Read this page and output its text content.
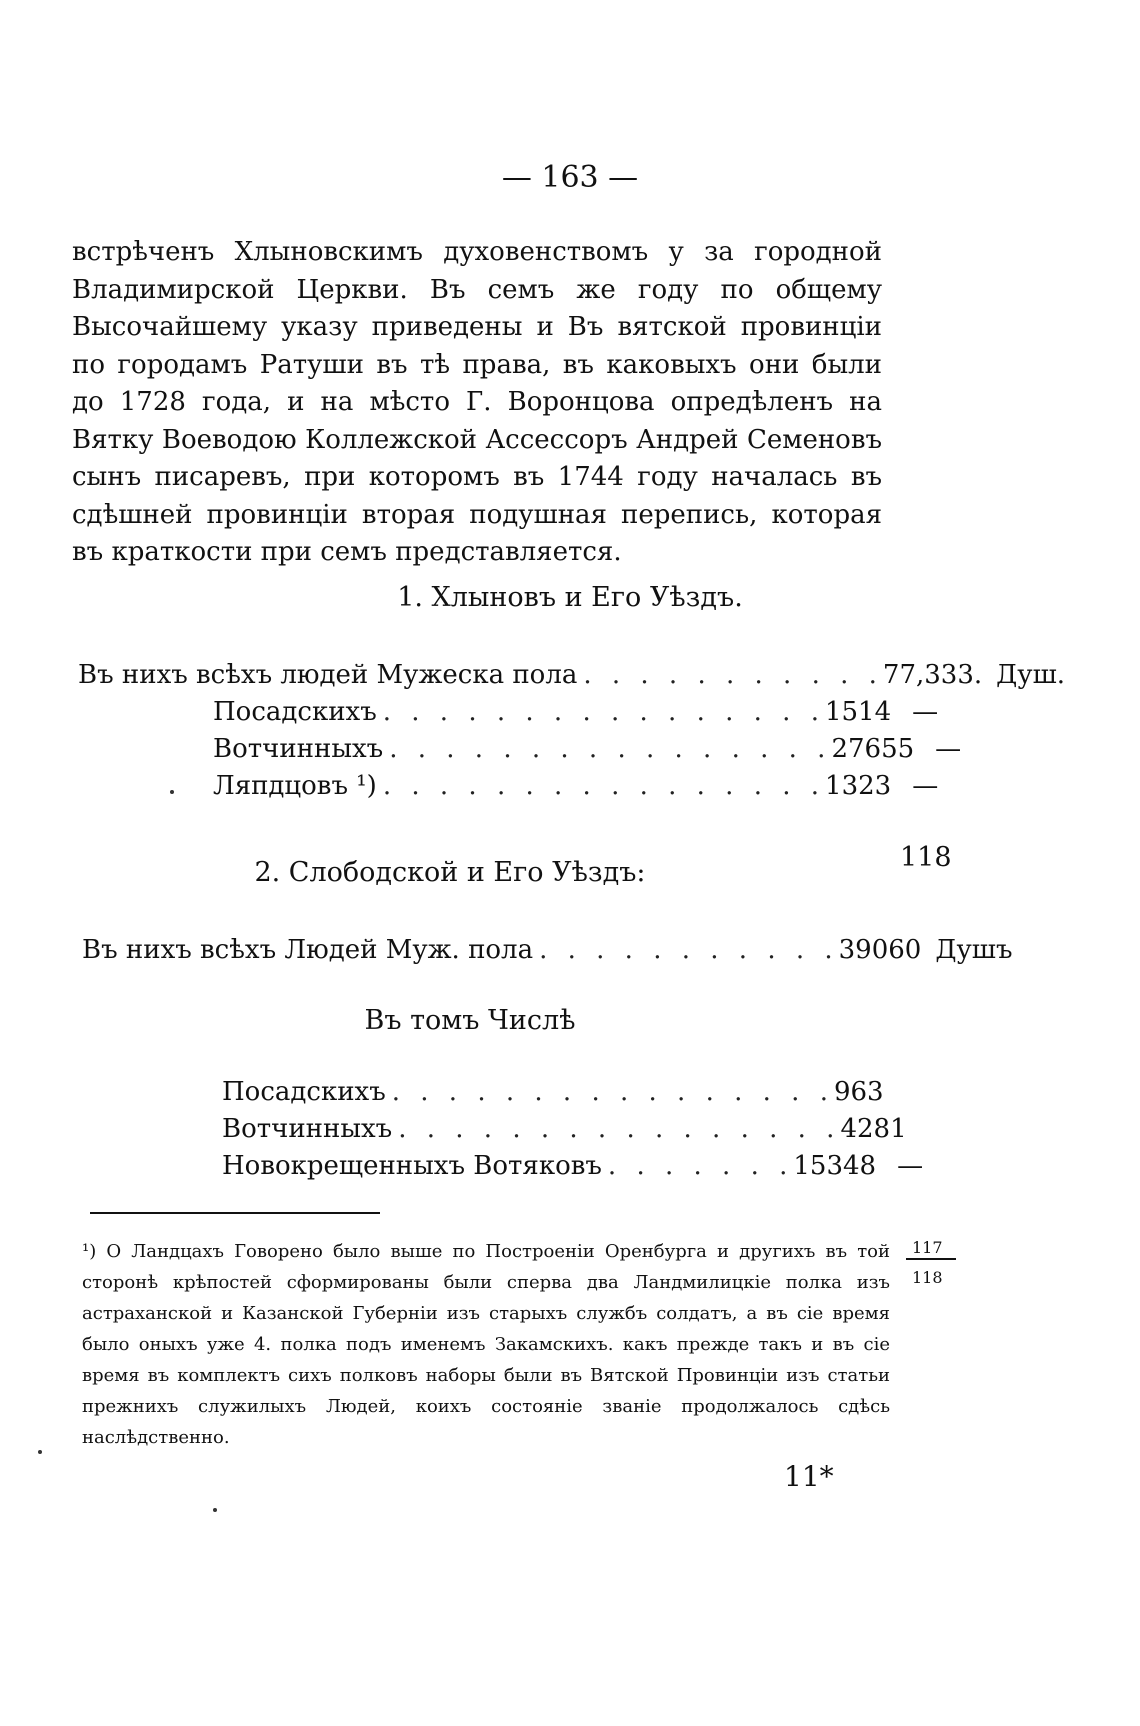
— 163 —

встрѣченъ Хлыновскимъ духовенствомъ у за городной Владимирской Церкви. Въ семъ же году по общему Высочайшему указу приведены и Въ вятской провинціи по городамъ Ратуши въ тѣ права, въ каковыхъ они были до 1728 года, и на мѣсто Г. Воронцова опредѣленъ на Вятку Воеводою Коллежской Ассессоръ Андрей Семеновъ сынъ писаревъ, при которомъ въ 1744 году началась въ сдѣшней провинціи вторая подушная перепись, которая въ краткости при семъ представляется.

1. Хлыновъ и Его Уѣздъ.
Въ нихъ всѣхъ людей Мужеска пола . . . . . . . . . . . 77,333. Душ.
Посадскихъ . . . . . . . . . . . . . . . . 1514 —
Вотчинныхъ . . . . . . . . . . . . . . . . 27655 —
Ляпдцовъ ¹) . . . . . . . . . . . . . . . . 1323 —
118
2. Слободской и Его Уѣздъ:
Въ нихъ всѣхъ Людей Муж. пола . . . . . . . . . . . 39060 Душъ
Въ томъ Числѣ
Посадскихъ . . . . . . . . . . . . . . . . 963
Вотчинныхъ . . . . . . . . . . . . . . . . 4281
Новокрещенныхъ Вотяковъ . . . . . . . 15348 —
¹) О Ландцахъ Говорено было выше по Построеніи Оренбурга и другихъ въ той сторонѣ крѣпостей сформированы были сперва два Ландмилицкіе полка изъ астраханской и Казанской Губерніи изъ старыхъ службъ солдатъ, а въ сіе время было оныхъ уже 4. полка подъ именемъ Закамскихъ. какъ прежде такъ и въ сіе время въ комплектъ сихъ полковъ наборы были въ Вятской Провинціи изъ статьи прежнихъ служилыхъ Людей, коихъ состояніе званіе продолжалось сдѣсь наслѣдственно.
117
118
11*
